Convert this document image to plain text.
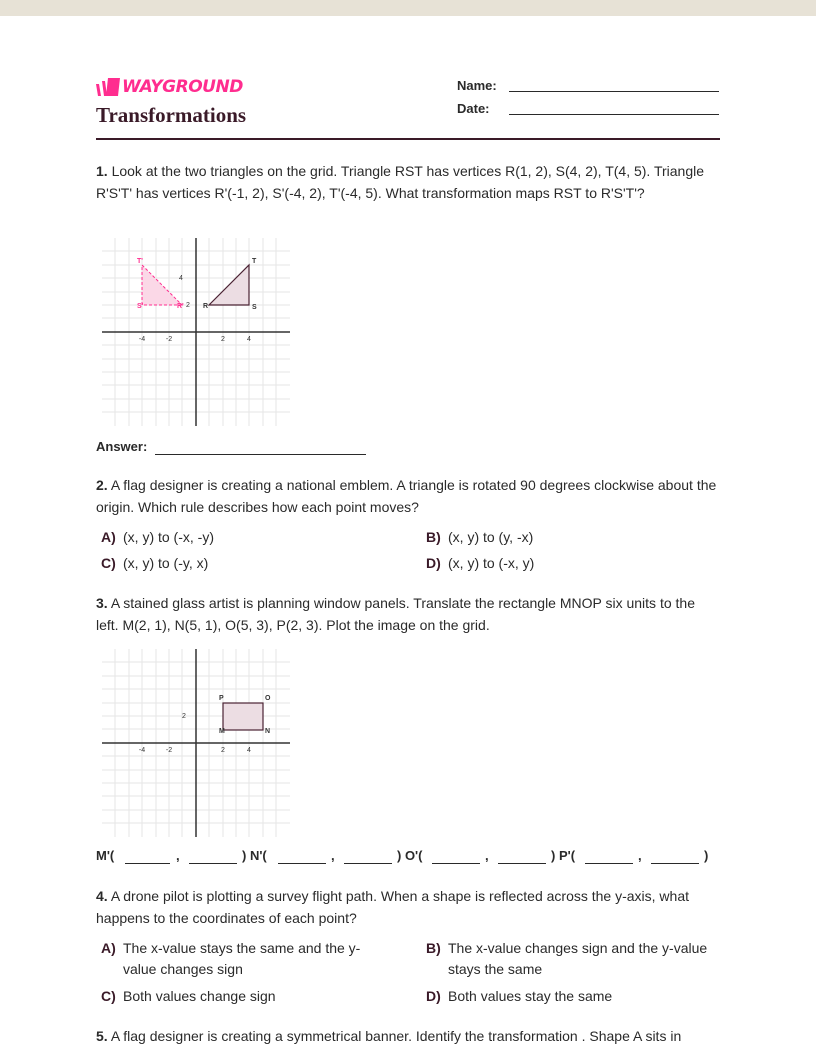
WAYGROUND
Transformations
Name:
Date:
1. Look at the two triangles on the grid. Triangle RST has vertices R(1, 2), S(4, 2), T(4, 5). Triangle R'S'T' has vertices R'(-1, 2), S'(-4, 2), T'(-4, 5). What transformation maps RST to R'S'T'?
4
2
-4	-2	2	4
T'
S'	R'
T
R	S
Answer:
2. A flag designer is creating a national emblem. A triangle is rotated 90 degrees clockwise about the origin. Which rule describes how each point moves?
A) (x, y) to (-x, -y)	B) (x, y) to (y, -x)
C) (x, y) to (-y, x)	D) (x, y) to (-x, y)
3. A stained glass artist is planning window panels. Translate the rectangle MNOP six units to the left. M(2, 1), N(5, 1), O(5, 3), P(2, 3). Plot the image on the grid.
2
-4	-2	2	4
P	O
M	N
M'(	,	) N'(	,	) O'(	,	) P'(	,	)
4. A drone pilot is plotting a survey flight path. When a shape is reflected across the y-axis, what happens to the coordinates of each point?
A) The x-value stays the same and the y-value changes sign
B) The x-value changes sign and the y-value stays the same
C) Both values change sign	D) Both values stay the same
5. A flag designer is creating a symmetrical banner. Identify the transformation . Shape A sits in
